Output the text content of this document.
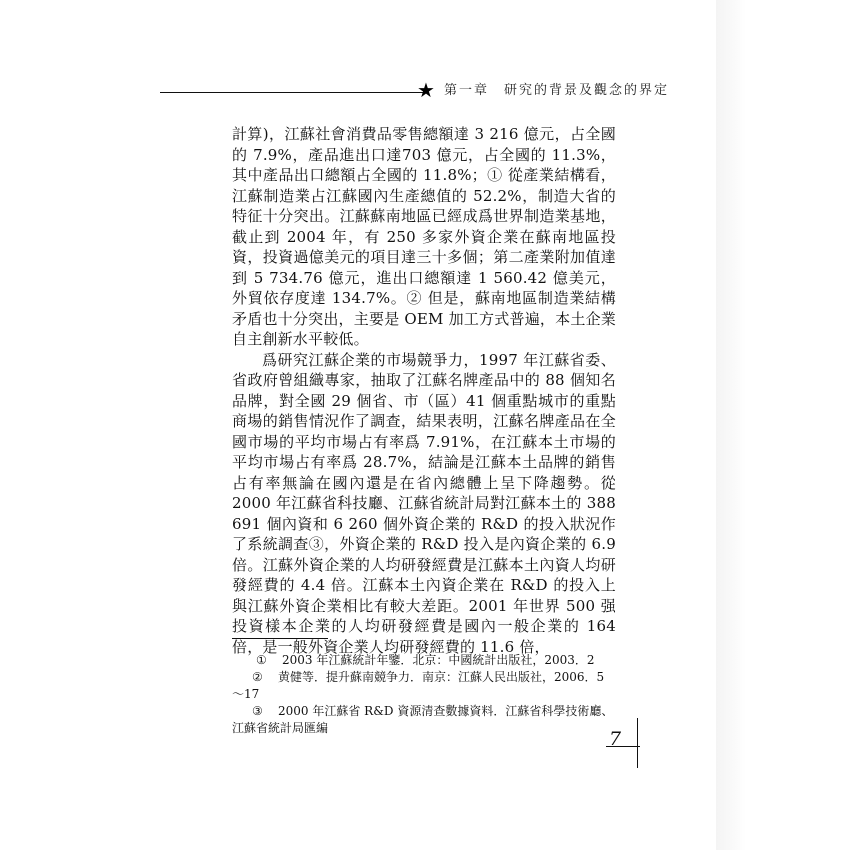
★ 第一章　研究的背景及觀念的界定

計算)，江蘇社會消費品零售總額達 3 216 億元，占全國的 7.9%，產品進出口達703 億元，占全國的 11.3%，其中產品出口總額占全國的 11.8%；① 從產業結構看，江蘇制造業占江蘇國內生產總值的 52.2%，制造大省的特征十分突出。江蘇蘇南地區已經成爲世界制造業基地，截止到 2004 年，有 250 多家外資企業在蘇南地區投資，投資過億美元的項目達三十多個；第二產業附加值達到 5 734.76 億元，進出口總額達 1 560.42 億美元，外貿依存度達 134.7%。② 但是，蘇南地區制造業結構矛盾也十分突出，主要是 OEM 加工方式普遍，本土企業自主創新水平較低。

爲研究江蘇企業的市場競爭力，1997 年江蘇省委、省政府曾組織專家，抽取了江蘇名牌產品中的 88 個知名品牌，對全國 29 個省、市（區）41 個重點城市的重點商場的銷售情況作了調查，結果表明，江蘇名牌產品在全國市場的平均市場占有率爲 7.91%，在江蘇本土市場的平均市場占有率爲 28.7%，結論是江蘇本土品牌的銷售占有率無論在國內還是在省內總體上呈下降趨勢。從 2000 年江蘇省科技廳、江蘇省統計局對江蘇本土的 388 691 個內資和 6 260 個外資企業的 R&D 的投入狀況作了系統調查③，外資企業的 R&D 投入是內資企業的 6.9 倍。江蘇外資企業的人均研發經費是江蘇本土內資人均研發經費的 4.4 倍。江蘇本土內資企業在 R&D 的投入上與江蘇外資企業相比有較大差距。2001 年世界 500 强投資樣本企業的人均研發經費是國內一般企業的 164 倍，是一般外資企業人均研發經費的 11.6 倍，

① 2003 年江蘇統計年鑒．北京：中國統計出版社，2003．2

② 黄健等．提升蘇南競争力．南京：江蘇人民出版社，2006．5～17

③ 2000 年江蘇省 R&D 資源清查數據資料．江蘇省科學技術廳、江蘇省統計局匯編	7
